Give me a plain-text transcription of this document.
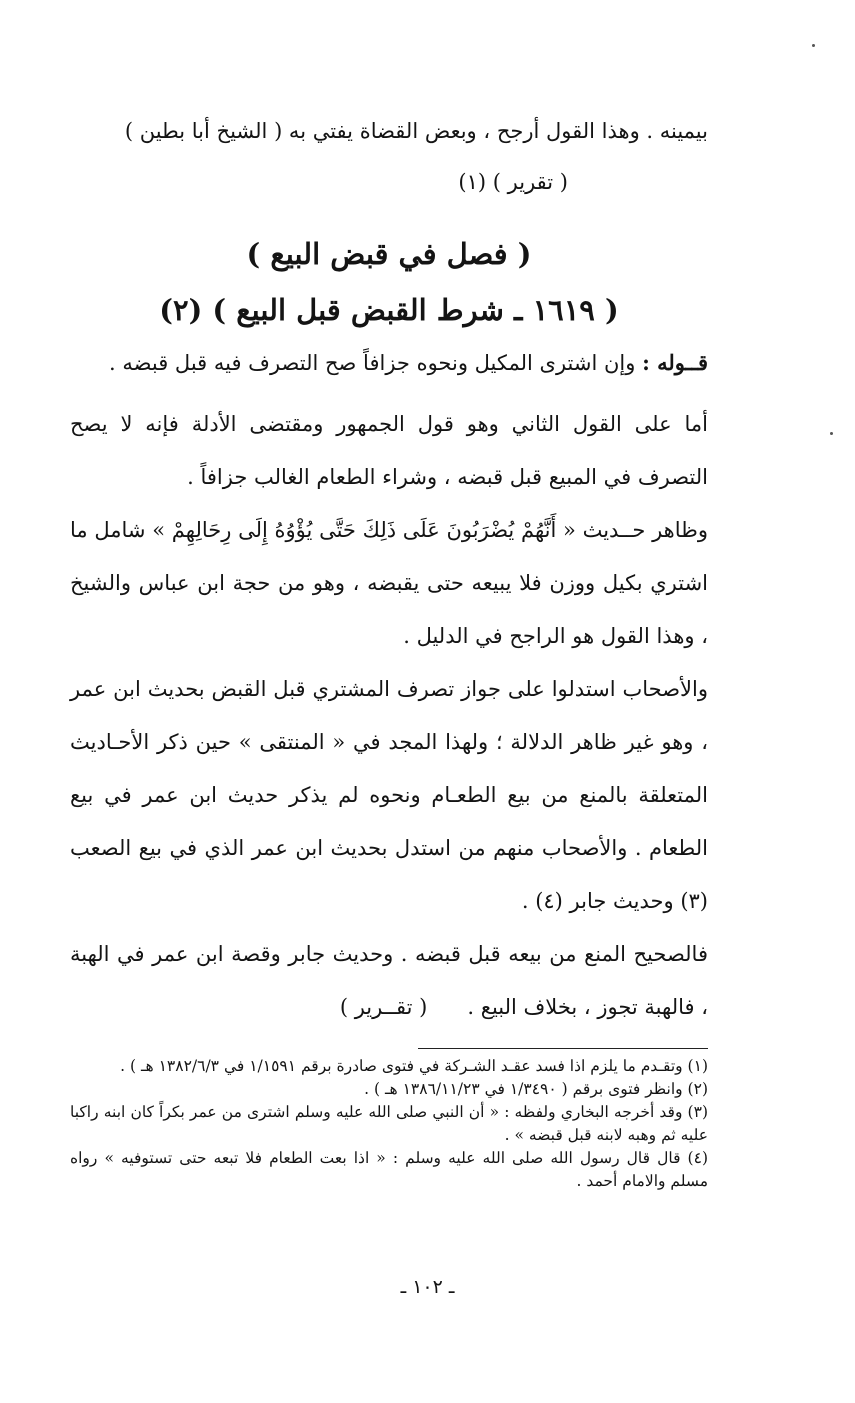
بيمينه . وهذا القول أرجح ، وبعض القضاة يفتي به ( الشيخ أبا بطين )

( تقرير ) (١)

( فصل في قبض البيع )

( ١٦١٩ ـ شرط القبض قبل البيع ) (٢)

قــوله : وإن اشترى المكيل ونحوه جزافاً صح التصرف فيه قبل قبضه .

أما على القول الثاني وهو قول الجمهور ومقتضى الأدلة فإنه لا يصح التصرف في المبيع قبل قبضه ، وشراء الطعام الغالب جزافاً .

وظاهر حــديث « أَنَّهُمْ يُضْرَبُونَ عَلَى ذَلِكَ حَتَّى يُؤْوُهُ إِلَى رِحَالِهِمْ » شامل ما اشتري بكيل ووزن فلا يبيعه حتى يقبضه ، وهو من حجة ابن عباس والشيخ ، وهذا القول هو الراجح في الدليل .

والأصحاب استدلوا على جواز تصرف المشتري قبل القبض بحديث ابن عمر ، وهو غير ظاهر الدلالة ؛ ولهذا المجد في « المنتقى » حين ذكر الأحـاديث المتعلقة بالمنع من بيع الطعـام ونحوه لم يذكر حديث ابن عمر في بيع الطعام . والأصحاب منهم من استدل بحديث ابن عمر الذي في بيع الصعب (٣) وحديث جابر (٤) .

فالصحيح المنع من بيعه قبل قبضه . وحديث جابر وقصة ابن عمر في الهبة ، فالهبة تجوز ، بخلاف البيع .      ( تقــرير )

(١) وتقـدم ما يلزم اذا فسد عقـد الشـركة في فتوى صادرة برقم ١/١٥٩١ في ١٣٨٢/٦/٣ هـ ) .

(٢) وانظر فتوى برقم ( ١/٣٤٩٠ في ١٣٨٦/١١/٢٣ هـ ) .

(٣) وقد أخرجه البخاري ولفظه : « أن النبي صلى الله عليه وسلم اشترى من عمر بكراً كان ابنه راكبا عليه ثم وهبه لابنه قبل قبضه » .

(٤) قال قال رسول الله صلى الله عليه وسلم : « اذا بعت الطعام فلا تبعه حتى تستوفيه » رواه مسلم والامام أحمد .

ـ ١٠٢ ـ
